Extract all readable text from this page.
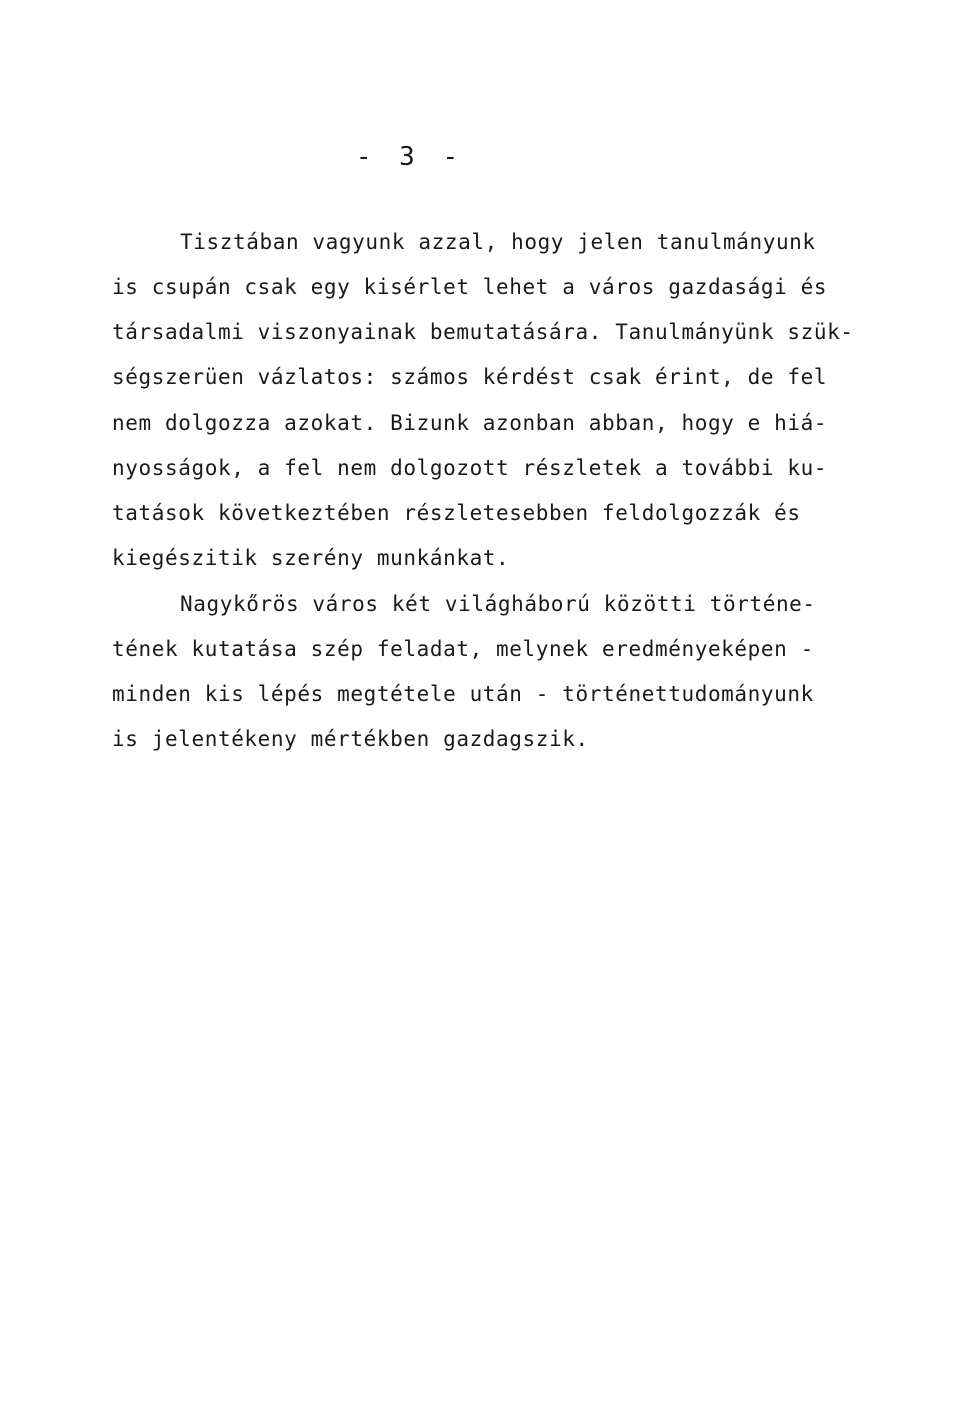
- 3 -
Tisztában vagyunk azzal, hogy jelen tanulmányunk
is csupán csak egy kisérlet lehet a város gazdasági és
társadalmi viszonyainak bemutatására. Tanulmányünk szük-
ségszerüen vázlatos: számos kérdést csak érint, de fel
nem dolgozza azokat. Bizunk azonban abban, hogy e hiá-
nyosságok, a fel nem dolgozott részletek a további ku-
tatások következtében részletesebben feldolgozzák és
kiegészitik szerény munkánkat.
Nagykőrös város két világháború közötti történe-
tének kutatása szép feladat, melynek eredményeképen -
minden kis lépés megtétele után - történettudományunk
is jelentékeny mértékben gazdagszik.
